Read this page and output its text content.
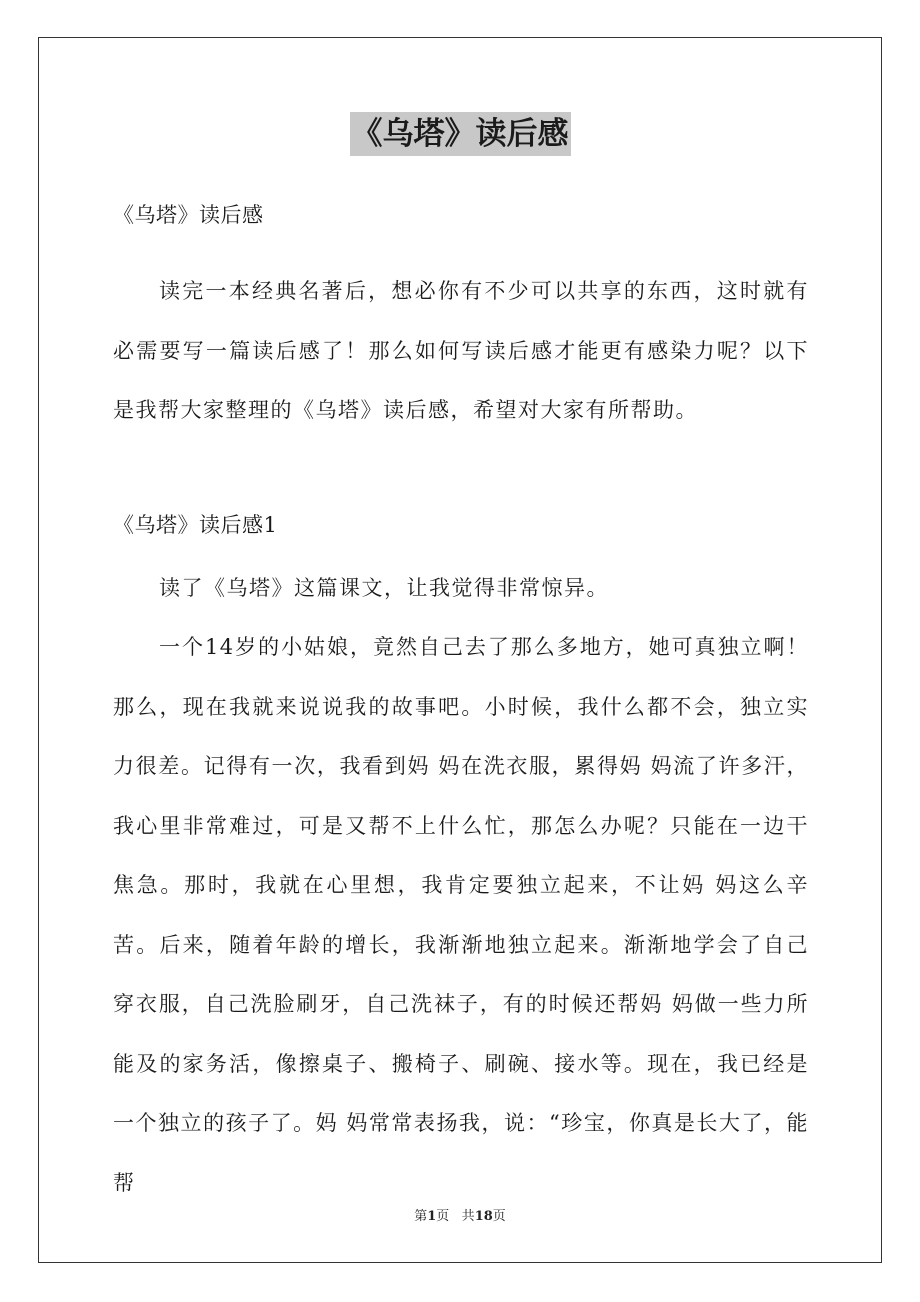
《乌塔》读后感

《乌塔》读后感

读完一本经典名著后，想必你有不少可以共享的东西，这时就有必需要写一篇读后感了！那么如何写读后感才能更有感染力呢？以下是我帮大家整理的《乌塔》读后感，希望对大家有所帮助。

《乌塔》读后感1

读了《乌塔》这篇课文，让我觉得非常惊异。

一个14岁的小姑娘，竟然自己去了那么多地方，她可真独立啊！那么，现在我就来说说我的故事吧。小时候，我什么都不会，独立实力很差。记得有一次，我看到妈 妈在洗衣服，累得妈 妈流了许多汗，我心里非常难过，可是又帮不上什么忙，那怎么办呢？只能在一边干焦急。那时，我就在心里想，我肯定要独立起来，不让妈 妈这么辛苦。后来，随着年龄的增长，我渐渐地独立起来。渐渐地学会了自己穿衣服，自己洗脸刷牙，自己洗袜子，有的时候还帮妈 妈做一些力所能及的家务活，像擦桌子、搬椅子、刷碗、接水等。现在，我已经是一个独立的孩子了。妈 妈常常表扬我，说：“珍宝，你真是长大了，能帮

第1页 共18页
